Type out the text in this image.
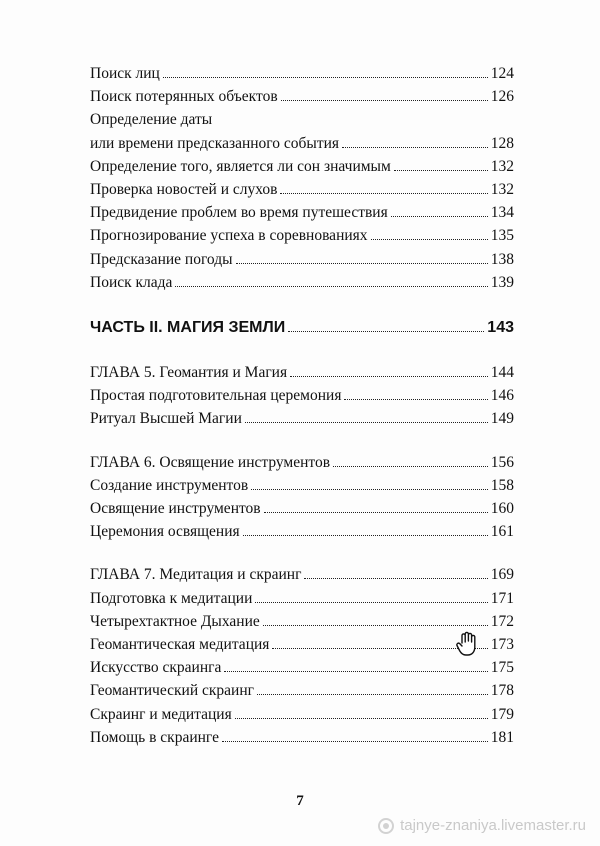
Поиск лиц	124
Поиск потерянных объектов	126
Определение даты
или времени предсказанного события	128
Определение того, является ли сон значимым	132
Проверка новостей и слухов	132
Предвидение проблем во время путешествия	134
Прогнозирование успеха в соревнованиях	135
Предсказание погоды	138
Поиск клада	139
ЧАСТЬ II. МАГИЯ ЗЕМЛИ	143
ГЛАВА 5. Геомантия и Магия	144
Простая подготовительная церемония	146
Ритуал Высшей Магии	149
ГЛАВА 6. Освящение инструментов	156
Создание инструментов	158
Освящение инструментов	160
Церемония освящения	161
ГЛАВА 7. Медитация и скраинг	169
Подготовка к медитации	171
Четырехтактное Дыхание	172
Геомантическая медитация	173
Искусство скраинга	175
Геомантический скраинг	178
Скраинг и медитация	179
Помощь в скраинге	181
7
tajnye-znaniya.livemaster.ru
